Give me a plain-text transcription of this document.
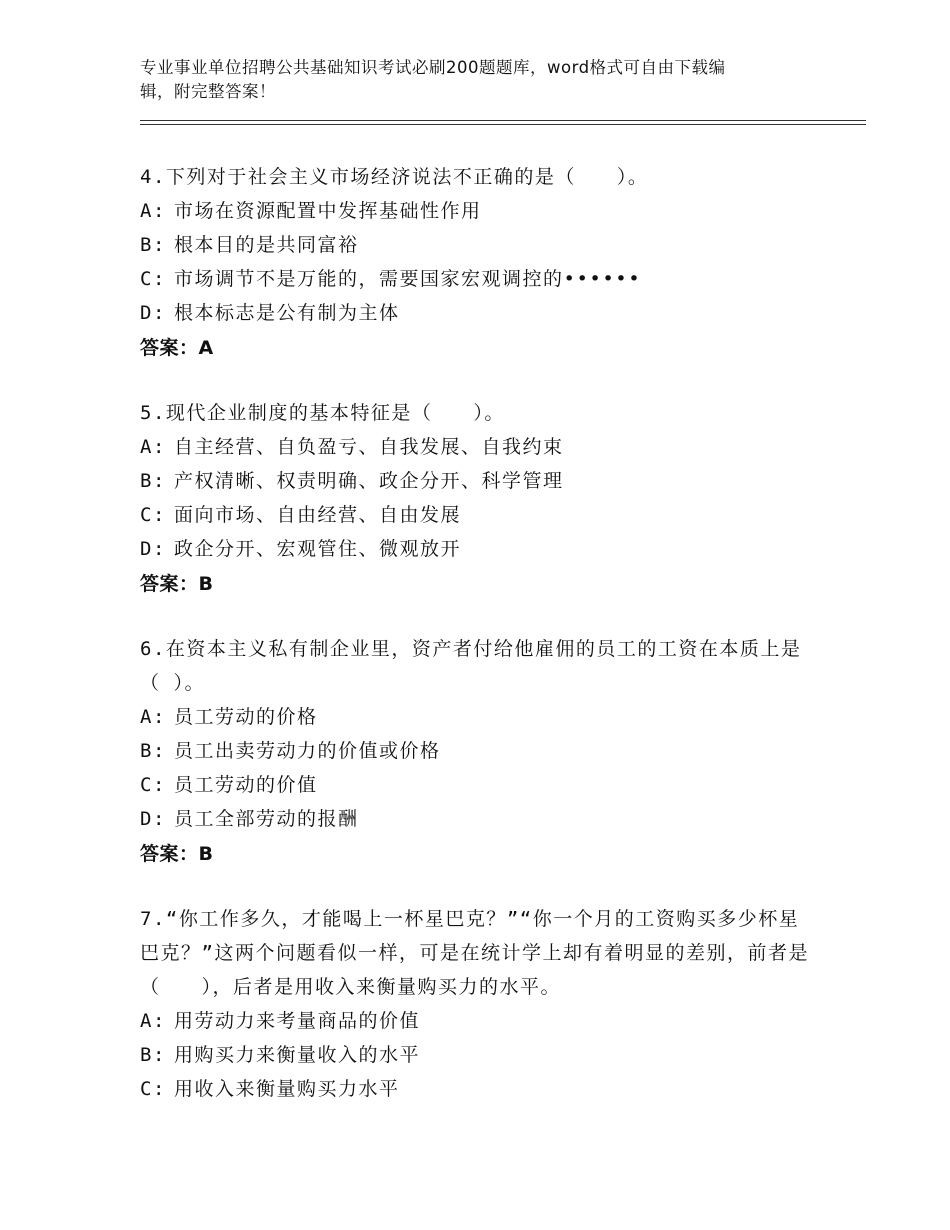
专业事业单位招聘公共基础知识考试必刷200题题库，word格式可自由下载编
辑，附完整答案！

4.下列对于社会主义市场经济说法不正确的是（　　）。

A: 市场在资源配置中发挥基础性作用

B: 根本目的是共同富裕

C: 市场调节不是万能的，需要国家宏观调控的••••••

D: 根本标志是公有制为主体

答案：A

5.现代企业制度的基本特征是（　　）。

A: 自主经营、自负盈亏、自我发展、自我约束

B: 产权清晰、权责明确、政企分开、科学管理

C: 面向市场、自由经营、自由发展

D: 政企分开、宏观管住、微观放开

答案：B

6.在资本主义私有制企业里，资产者付给他雇佣的员工的工资在本质上是（ ）。

A: 员工劳动的价格

B: 员工出卖劳动力的价值或价格

C: 员工劳动的价值

D: 员工全部劳动的报酬

答案：B

7.“你工作多久，才能喝上一杯星巴克？”“你一个月的工资购买多少杯星巴克？”这两个问题看似一样，可是在统计学上却有着明显的差别，前者是（　　），后者是用收入来衡量购买力的水平。

A: 用劳动力来考量商品的价值

B: 用购买力来衡量收入的水平

C: 用收入来衡量购买力水平
